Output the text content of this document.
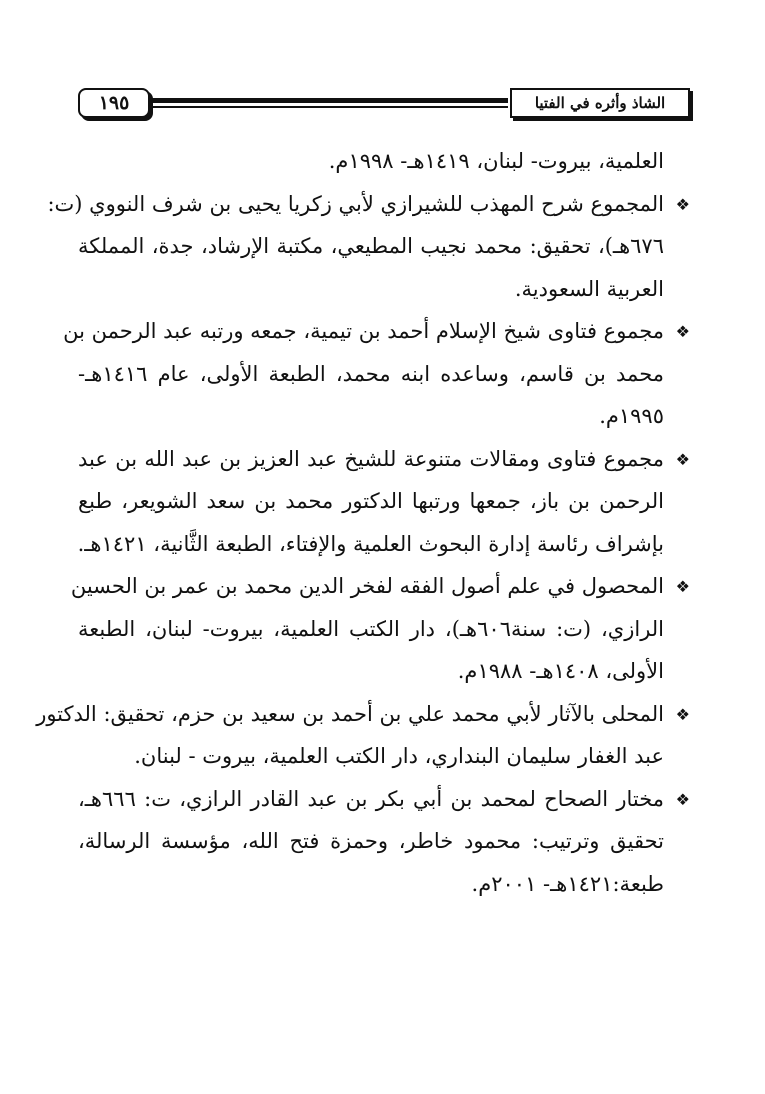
١٩٥	الشاذ وأثره في الفتيا
العلمية، بيروت- لبنان، ١٤١٩هـ- ١٩٩٨م.
❖المجموع شرح المهذب للشيرازي لأبي زكريا يحيى بن شرف النووي (ت:
٦٧٦هـ)، تحقيق: محمد نجيب المطيعي، مكتبة الإرشاد، جدة، المملكة
العربية السعودية.
❖مجموع فتاوى شيخ الإسلام أحمد بن تيمية، جمعه ورتبه عبد الرحمن بن
محمد بن قاسم، وساعده ابنه محمد، الطبعة الأولى، عام ١٤١٦هـ-
١٩٩٥م.
❖مجموع فتاوى ومقالات متنوعة للشيخ عبد العزيز بن عبد الله بن عبد
الرحمن بن باز، جمعها ورتبها الدكتور محمد بن سعد الشويعر، طبع
بإشراف رئاسة إدارة البحوث العلمية والإفتاء، الطبعة الثَّانية، ١٤٢١هـ.
❖المحصول في علم أصول الفقه لفخر الدين محمد بن عمر بن الحسين
الرازي، (ت: سنة٦٠٦هـ)، دار الكتب العلمية، بيروت- لبنان، الطبعة
الأولى، ١٤٠٨هـ- ١٩٨٨م.
❖المحلى بالآثار لأبي محمد علي بن أحمد بن سعيد بن حزم، تحقيق: الدكتور
عبد الغفار سليمان البنداري، دار الكتب العلمية، بيروت - لبنان.
❖مختار الصحاح لمحمد بن أبي بكر بن عبد القادر الرازي، ت: ٦٦٦هـ،
تحقيق وترتيب: محمود خاطر، وحمزة فتح الله، مؤسسة الرسالة،
طبعة:١٤٢١هـ- ٢٠٠١م.
